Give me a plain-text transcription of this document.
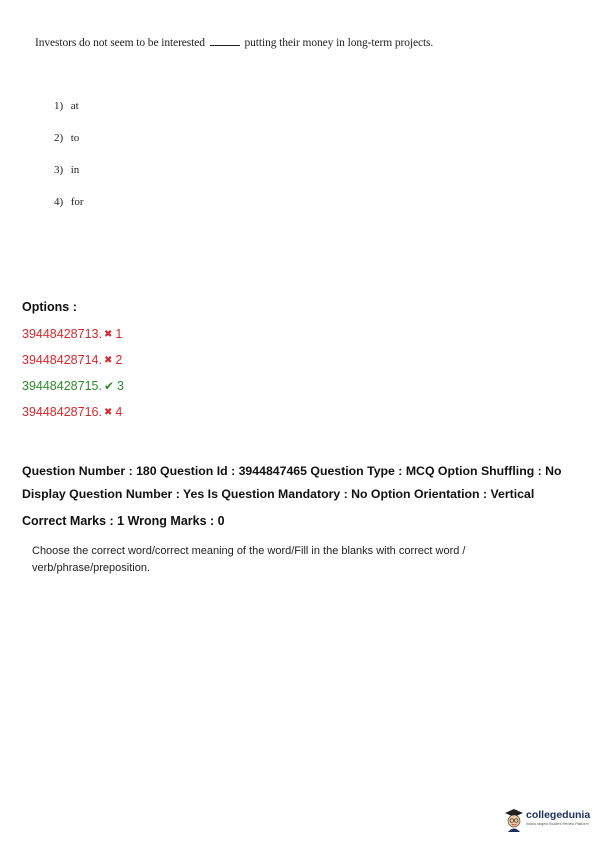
Investors do not seem to be interested	putting their money in long-term projects.
1) at
2) to
3) in
4) for
Options :
39448428713. ✖ 1
39448428714. ✖ 2
39448428715. ✔ 3
39448428716. ✖ 4
Question Number : 180 Question Id : 3944847465 Question Type : MCQ Option Shuffling : No
Display Question Number : Yes Is Question Mandatory : No Option Orientation : Vertical
Correct Marks : 1 Wrong Marks : 0
Choose the correct word/correct meaning of the word/Fill in the blanks with correct word /
verb/phrase/preposition.
collegedunia
India's largest Student Review Platform
